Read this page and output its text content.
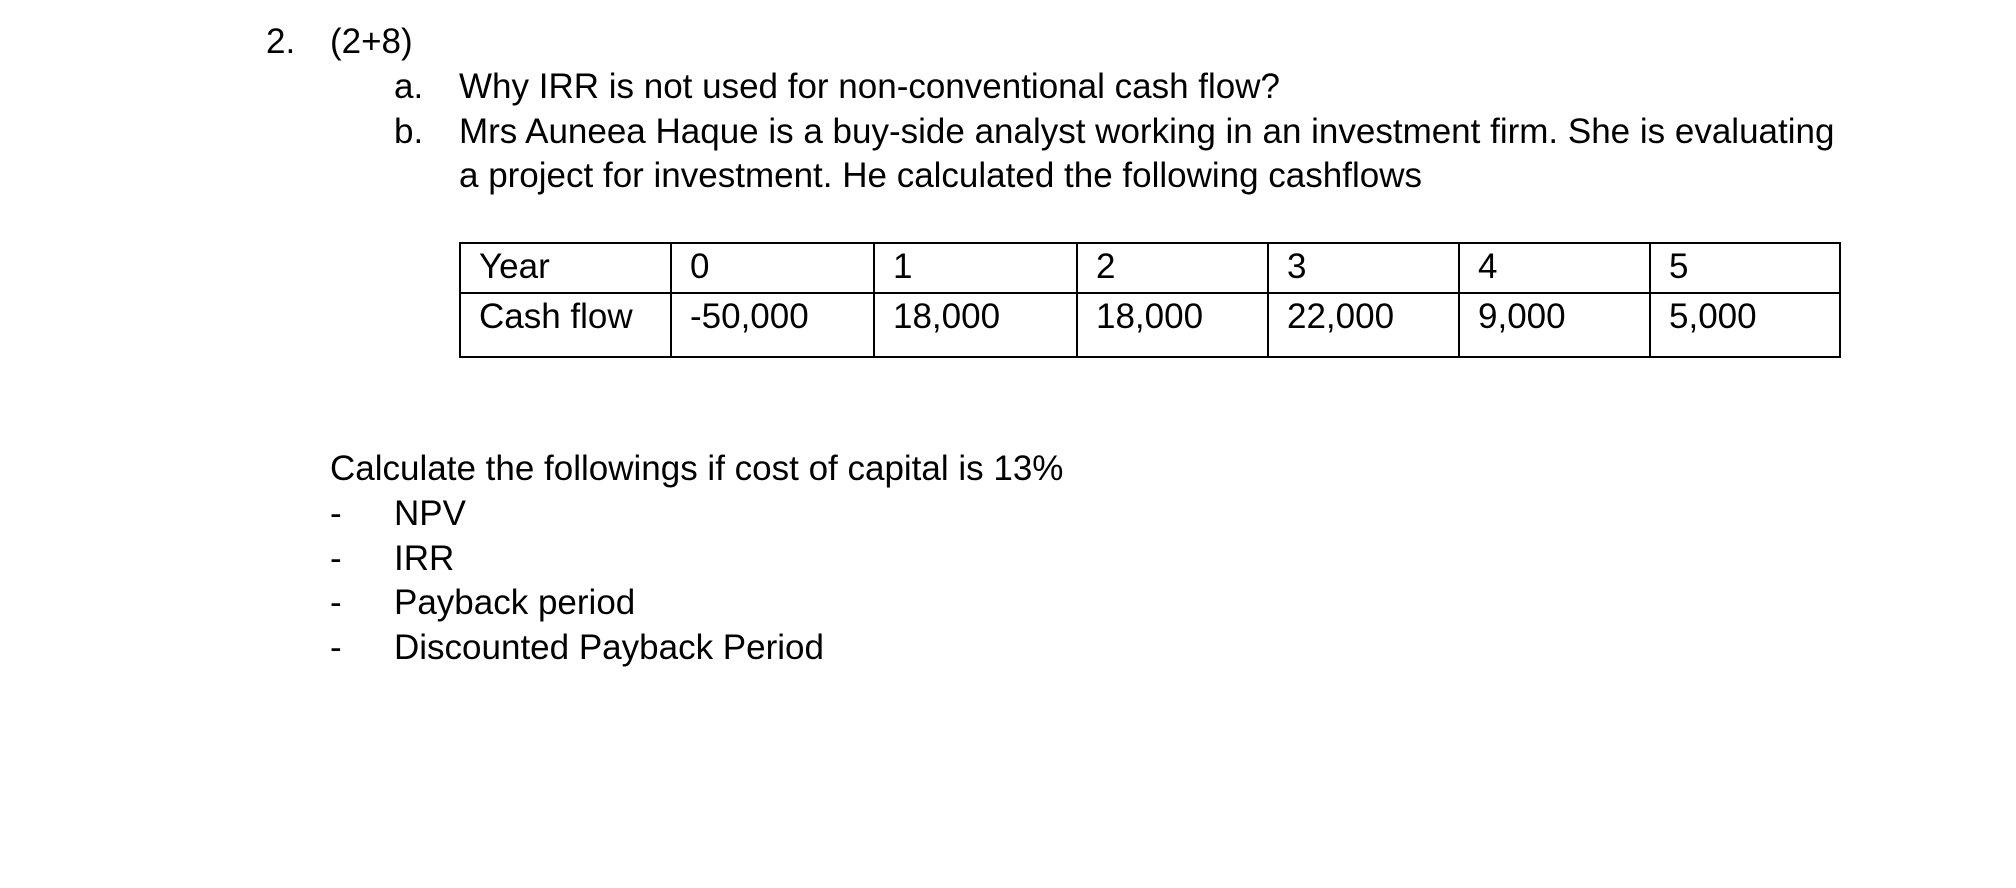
2. (2+8)
a. Why IRR is not used for non-conventional cash flow?
b. Mrs Auneea Haque is a buy-side analyst working in an investment firm. She is evaluating
a project for investment. He calculated the following cashflows
Year	0	1	2	3	4	5
Cash flow	-50,000	18,000	18,000	22,000	9,000	5,000
Calculate the followings if cost of capital is 13%
- NPV
- IRR
- Payback period
- Discounted Payback Period
